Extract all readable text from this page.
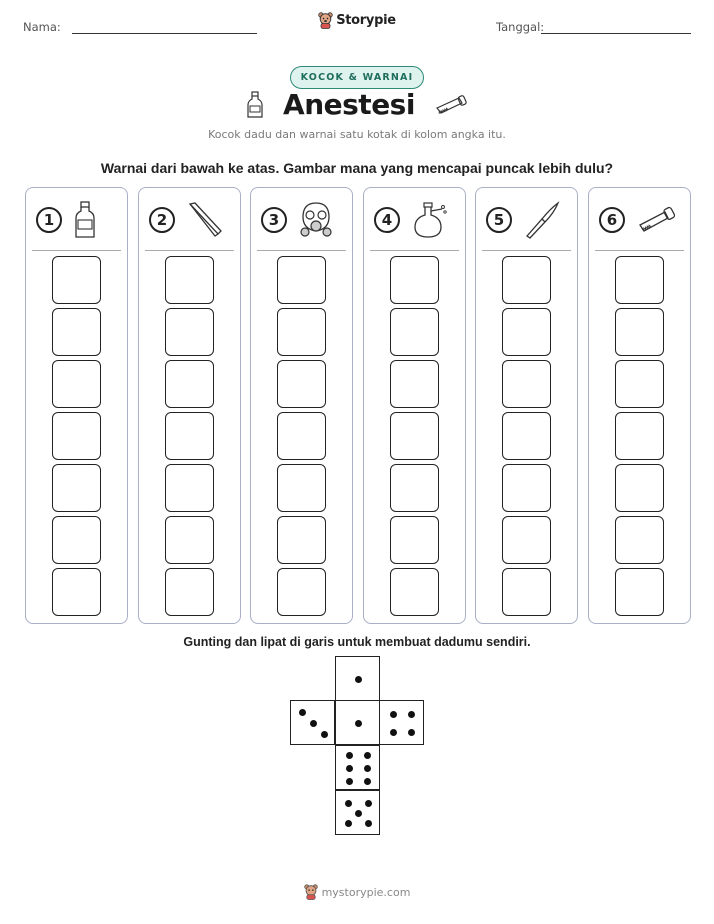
Nama:	Tanggal:
Storypie
KOCOK & WARNAI
Anestesi
Kocok dadu dan warnai satu kotak di kolom angka itu.
Warnai dari bawah ke atas. Gambar mana yang mencapai puncak lebih dulu?
1	2	3	4	5	6
Gunting dan lipat di garis untuk membuat dadumu sendiri.
mystorypie.com
